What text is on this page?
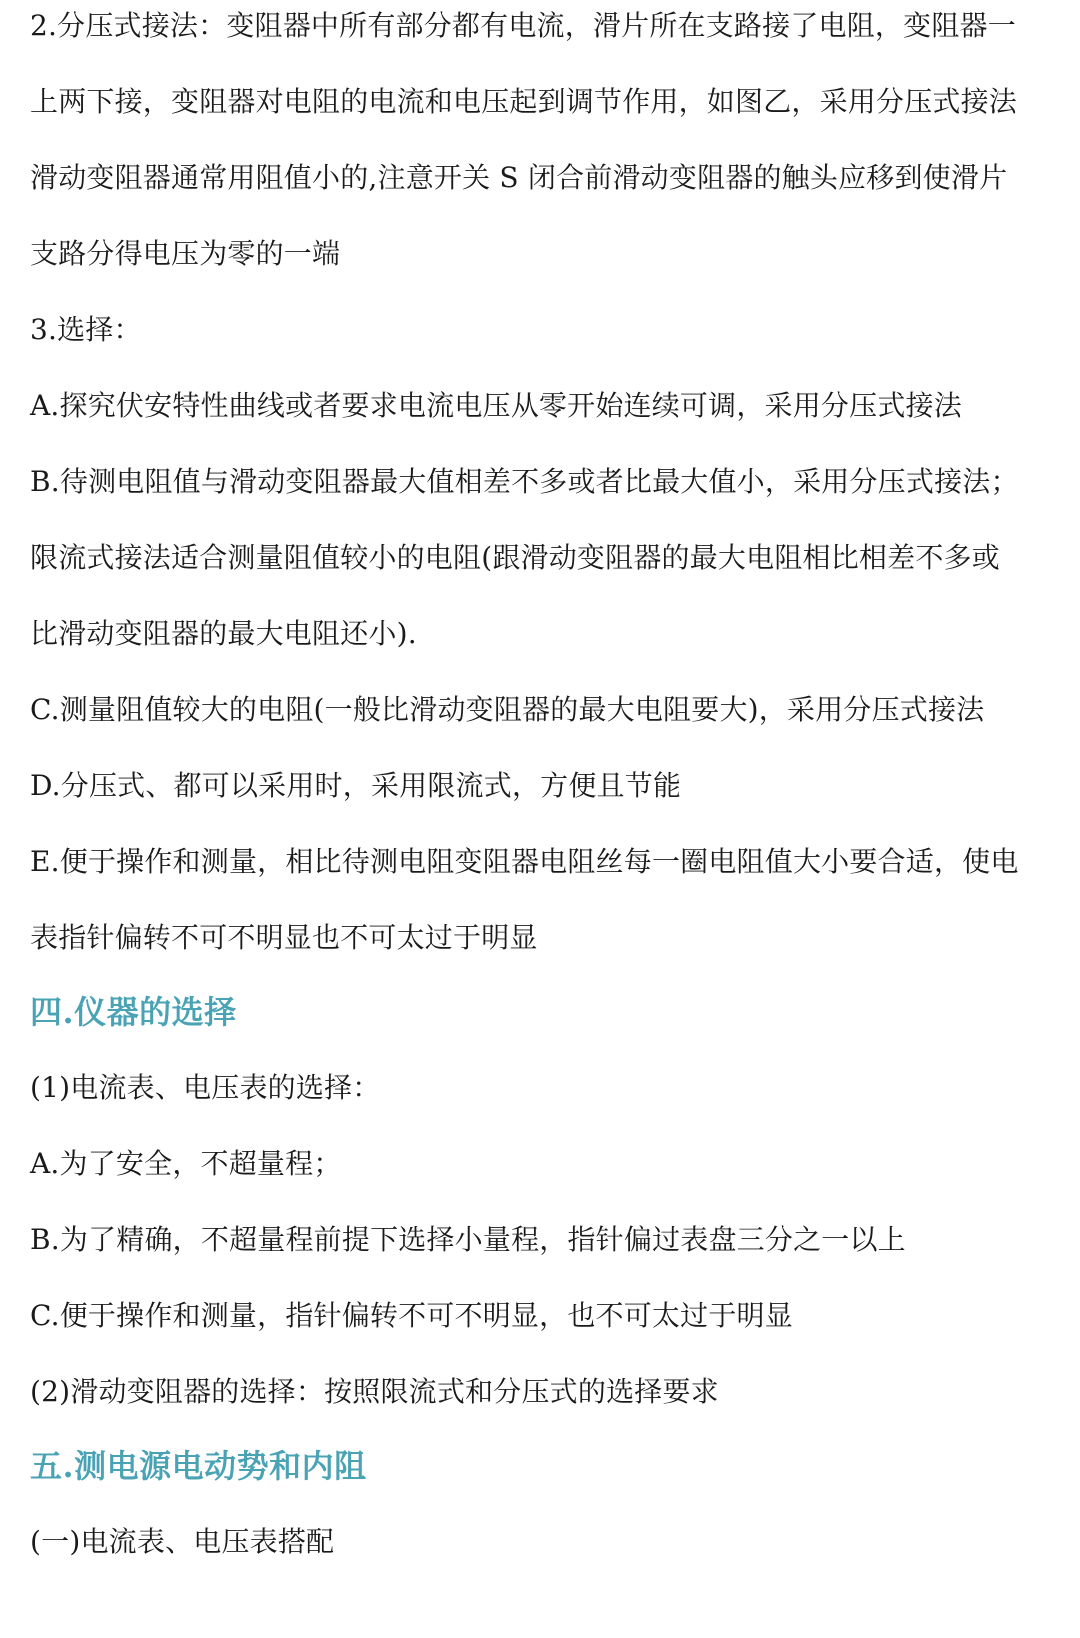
2.分压式接法：变阻器中所有部分都有电流，滑片所在支路接了电阻，变阻器一
上两下接，变阻器对电阻的电流和电压起到调节作用，如图乙，采用分压式接法
滑动变阻器通常用阻值小的,注意开关 S 闭合前滑动变阻器的触头应移到使滑片
支路分得电压为零的一端
3.选择：
A.探究伏安特性曲线或者要求电流电压从零开始连续可调，采用分压式接法
B.待测电阻值与滑动变阻器最大值相差不多或者比最大值小，采用分压式接法；
限流式接法适合测量阻值较小的电阻(跟滑动变阻器的最大电阻相比相差不多或
比滑动变阻器的最大电阻还小).
C.测量阻值较大的电阻(一般比滑动变阻器的最大电阻要大)，采用分压式接法
D.分压式、都可以采用时，采用限流式，方便且节能
E.便于操作和测量，相比待测电阻变阻器电阻丝每一圈电阻值大小要合适，使电
表指针偏转不可不明显也不可太过于明显
四.仪器的选择
(1)电流表、电压表的选择：
A.为了安全，不超量程；
B.为了精确，不超量程前提下选择小量程，指针偏过表盘三分之一以上
C.便于操作和测量，指针偏转不可不明显，也不可太过于明显
(2)滑动变阻器的选择：按照限流式和分压式的选择要求
五.测电源电动势和内阻
(一)电流表、电压表搭配
